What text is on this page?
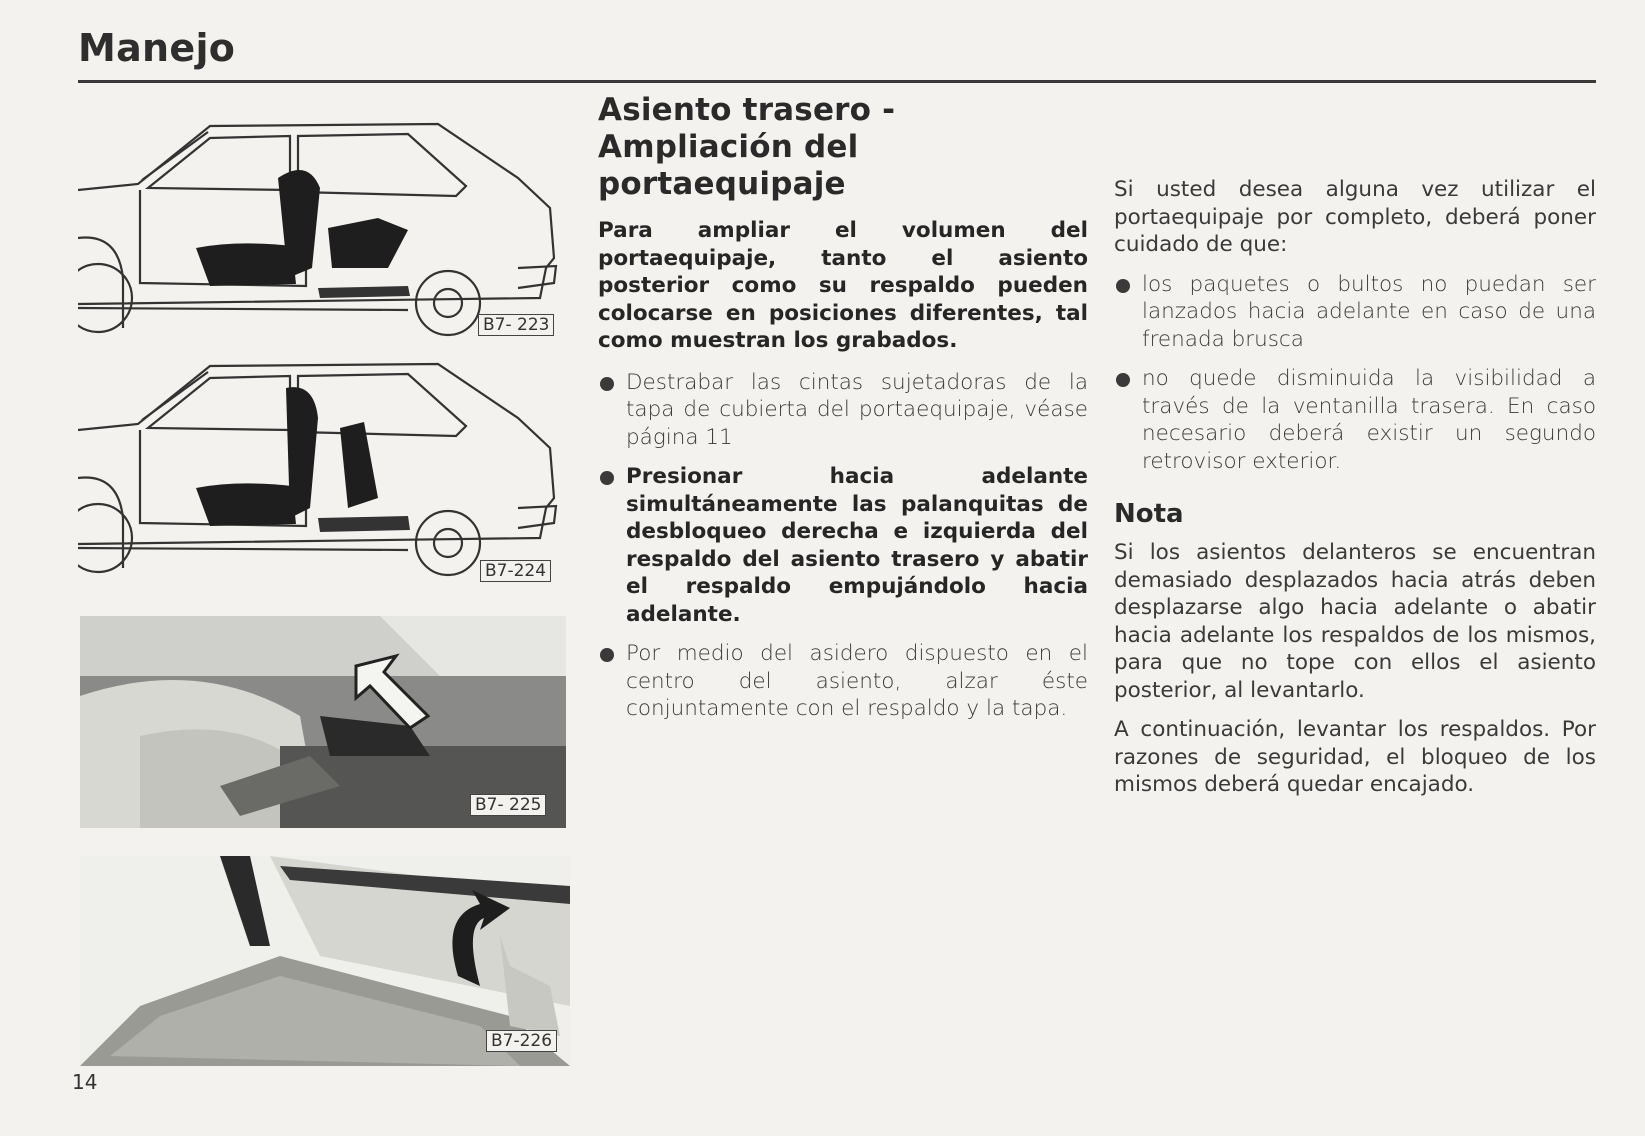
Manejo
B7- 223
B7-224
B7- 225
B7-226
Asiento trasero - Ampliación del portaequipaje

Para ampliar el volumen del portaequipaje, tanto el asiento posterior como su respaldo pueden colocarse en posiciones diferentes, tal como muestran los grabados.

Destrabar las cintas sujetadoras de la tapa de cubierta del portaequipaje, véase página 11

Presionar hacia adelante simultáneamente las palanquitas de desbloqueo derecha e izquierda del respaldo del asiento trasero y abatir el respaldo empujándolo hacia adelante.

Por medio del asidero dispuesto en el centro del asiento, alzar éste conjuntamente con el respaldo y la tapa.

Si usted desea alguna vez utilizar el portaequipaje por completo, deberá poner cuidado de que:

los paquetes o bultos no puedan ser lanzados hacia adelante en caso de una frenada brusca

no quede disminuida la visibilidad a través de la ventanilla trasera. En caso necesario deberá existir un segundo retrovisor exterior.

Nota

Si los asientos delanteros se encuentran demasiado desplazados hacia atrás deben desplazarse algo hacia adelante o abatir hacia adelante los respaldos de los mismos, para que no tope con ellos el asiento posterior, al levantarlo.

A continuación, levantar los respaldos. Por razones de seguridad, el bloqueo de los mismos deberá quedar encajado.

14
